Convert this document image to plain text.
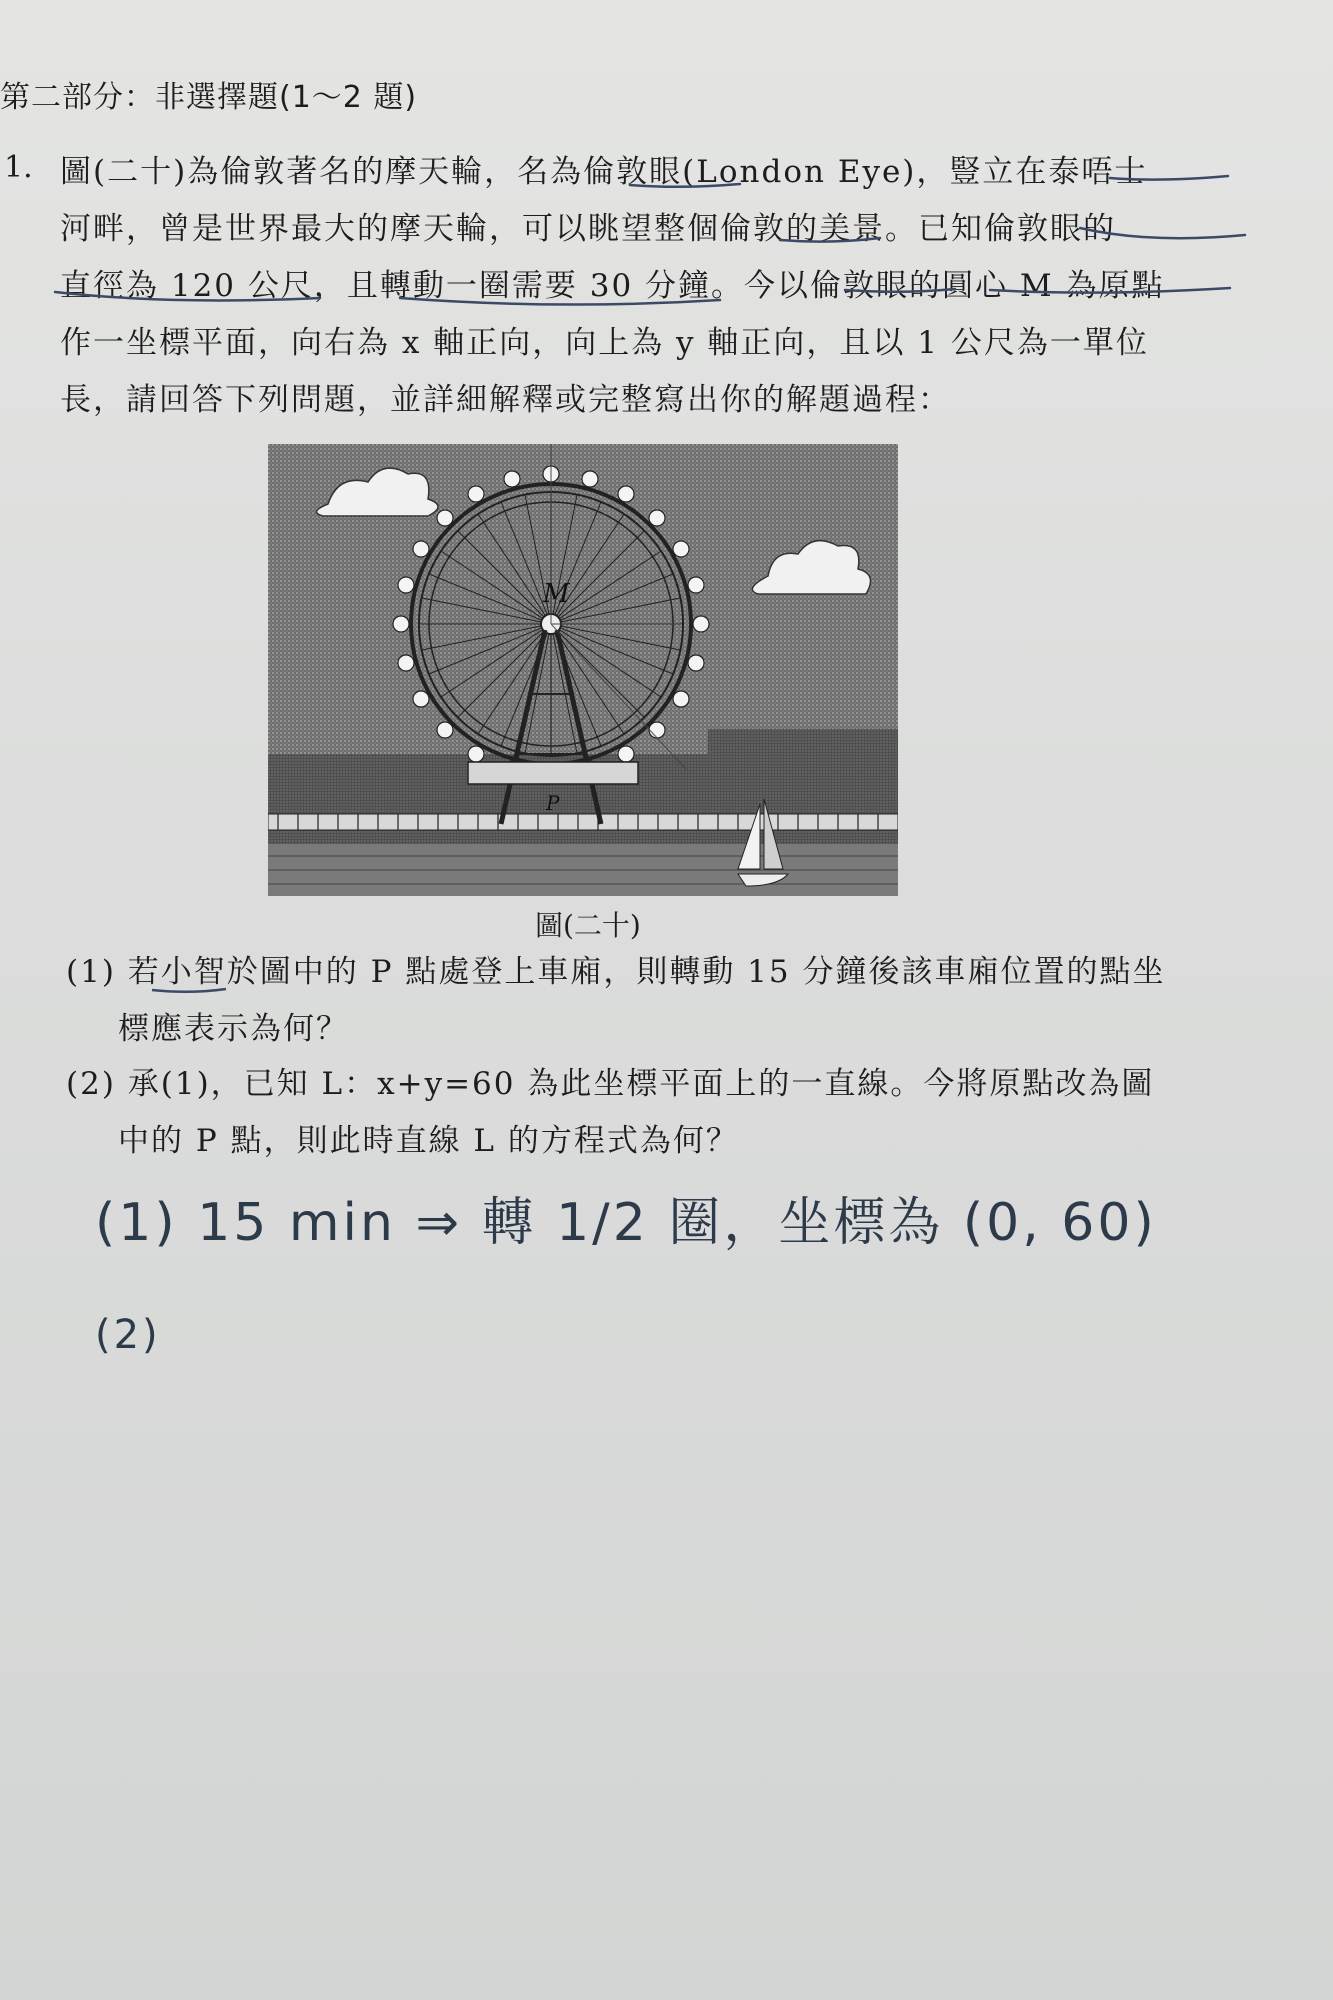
第二部分：非選擇題(1～2 題)
1. 圖(二十)為倫敦著名的摩天輪，名為倫敦眼(London Eye)，豎立在泰唔士
河畔，曾是世界最大的摩天輪，可以眺望整個倫敦的美景。已知倫敦眼的
直徑為 120 公尺，且轉動一圈需要 30 分鐘。今以倫敦眼的圓心 M 為原點
作一坐標平面，向右為 x 軸正向，向上為 y 軸正向，且以 1 公尺為一單位
長，請回答下列問題，並詳細解釋或完整寫出你的解題過程：
M
P
圖(二十)
(1) 若小智於圖中的 P 點處登上車廂，則轉動 15 分鐘後該車廂位置的點坐
標應表示為何？
(2) 承(1)，已知 L：x+y=60 為此坐標平面上的一直線。今將原點改為圖
中的 P 點，則此時直線 L 的方程式為何？
(1) 15 min ⇒ 轉 1/2 圈，坐標為 (0, 60)
(2)
